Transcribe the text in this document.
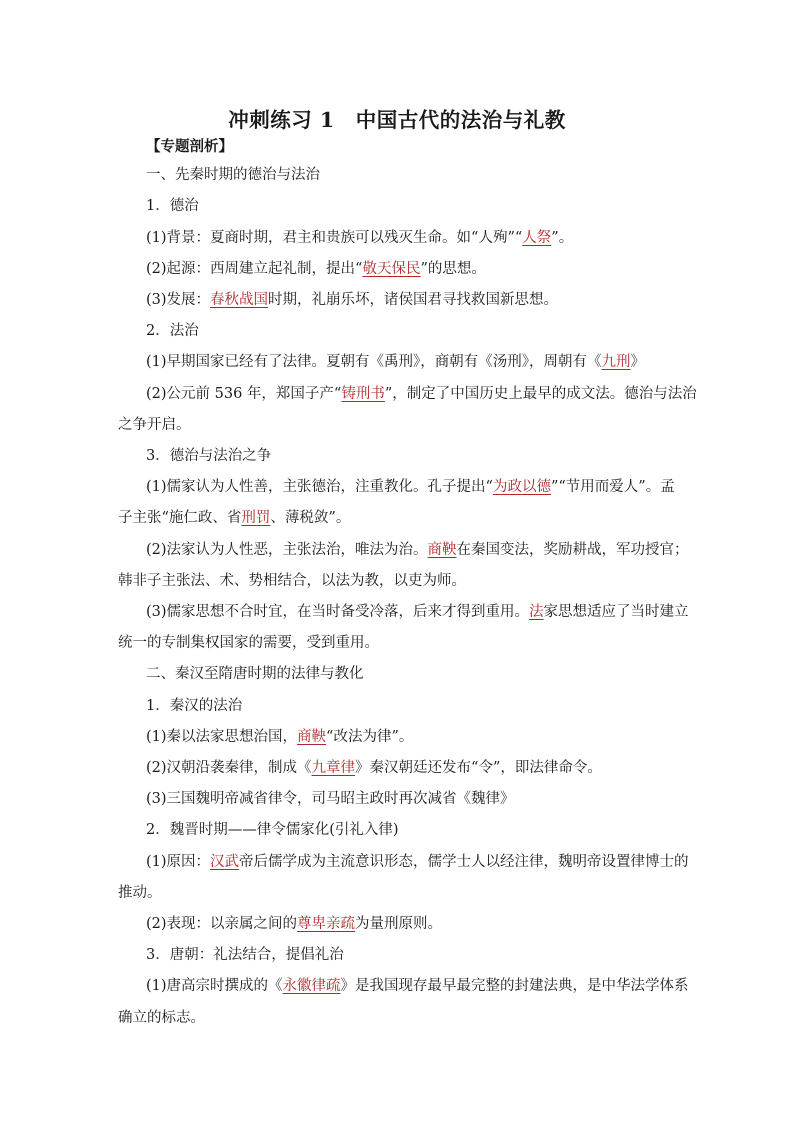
冲刺练习 1　中国古代的法治与礼教
【专题剖析】
一、先秦时期的德治与法治
1．德治
(1)背景：夏商时期，君主和贵族可以残灭生命。如“人殉”“人祭”。
(2)起源：西周建立起礼制，提出“敬天保民”的思想。
(3)发展：春秋战国时期，礼崩乐坏，诸侯国君寻找救国新思想。
2．法治
(1)早期国家已经有了法律。夏朝有《禹刑》，商朝有《汤刑》，周朝有《九刑》
(2)公元前 536 年，郑国子产“铸刑书”，制定了中国历史上最早的成文法。德治与法治
之争开启。
3．德治与法治之争
(1)儒家认为人性善，主张德治，注重教化。孔子提出“为政以德”“节用而爱人”。孟
子主张“施仁政、省刑罚、薄税敛”。
(2)法家认为人性恶，主张法治，唯法为治。商鞅在秦国变法，奖励耕战，军功授官；
韩非子主张法、术、势相结合，以法为教，以吏为师。
(3)儒家思想不合时宜，在当时备受冷落，后来才得到重用。法家思想适应了当时建立
统一的专制集权国家的需要，受到重用。
二、秦汉至隋唐时期的法律与教化
1．秦汉的法治
(1)秦以法家思想治国，商鞅“改法为律”。
(2)汉朝沿袭秦律，制成《九章律》秦汉朝廷还发布“令”，即法律命令。
(3)三国魏明帝减省律令，司马昭主政时再次减省《魏律》
2．魏晋时期——律令儒家化(引礼入律)
(1)原因：汉武帝后儒学成为主流意识形态，儒学士人以经注律，魏明帝设置律博士的
推动。
(2)表现：以亲属之间的尊卑亲疏为量刑原则。
3．唐朝：礼法结合，提倡礼治
(1)唐高宗时撰成的《永徽律疏》是我国现存最早最完整的封建法典，是中华法学体系
确立的标志。
